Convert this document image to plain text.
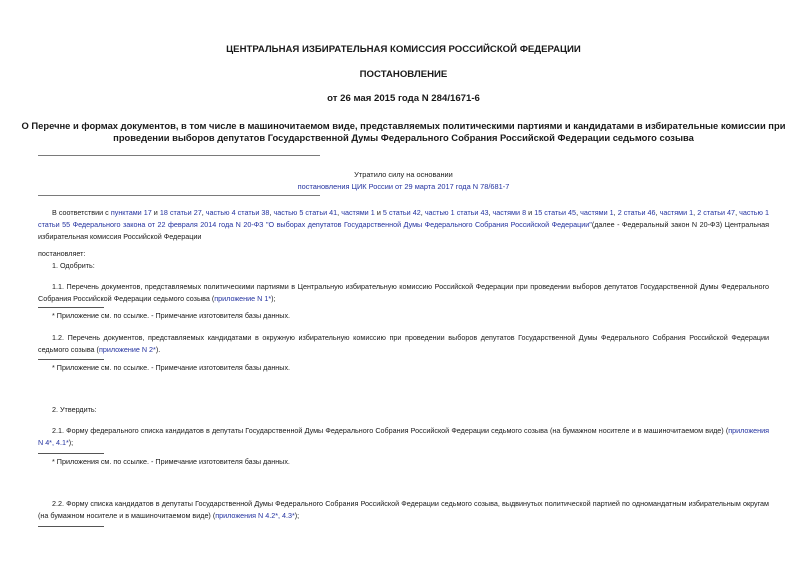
ЦЕНТРАЛЬНАЯ ИЗБИРАТЕЛЬНАЯ КОМИССИЯ РОССИЙСКОЙ ФЕДЕРАЦИИ
ПОСТАНОВЛЕНИЕ
от 26 мая 2015 года N 284/1671-6
О Перечне и формах документов, в том числе в машиночитаемом виде, представляемых политическими партиями и кандидатами в избирательные комиссии при
проведении выборов депутатов Государственной Думы Федерального Собрания Российской Федерации седьмого созыва
Утратило силу на основании
постановления ЦИК России от 29 марта 2017 года N 78/681-7
В соответствии с пунктами 17 и 18 статьи 27, частью 4 статьи 38, частью 5 статьи 41, частями 1 и 5 статьи 42, частью 1 статьи 43, частями 8 и 15 статьи 45, частями 1, 2 статьи 46, частями 1, 2 статьи 47, частью 1 статьи 55 Федерального закона от 22 февраля 2014 года N 20-ФЗ "О выборах депутатов Государственной Думы Федерального Собрания Российской Федерации"(далее - Федеральный закон N 20-ФЗ) Центральная избирательная комиссия Российской Федерации
постановляет:
1. Одобрить:
1.1. Перечень документов, представляемых политическими партиями в Центральную избирательную комиссию Российской Федерации при проведении выборов депутатов Государственной Думы Федерального Собрания Российской Федерации седьмого созыва (приложение N 1*);
* Приложение см. по ссылке. - Примечание изготовителя базы данных.
1.2. Перечень документов, представляемых кандидатами в окружную избирательную комиссию при проведении выборов депутатов Государственной Думы Федерального Собрания Российской Федерации седьмого созыва (приложение N 2*).
* Приложение см. по ссылке. - Примечание изготовителя базы данных.
2. Утвердить:
2.1. Форму федерального списка кандидатов в депутаты Государственной Думы Федерального Собрания Российской Федерации седьмого созыва (на бумажном носителе и в машиночитаемом виде) (приложения N 4*, 4.1*);
* Приложения см. по ссылке. - Примечание изготовителя базы данных.
2.2. Форму списка кандидатов в депутаты Государственной Думы Федерального Собрания Российской Федерации седьмого созыва, выдвинутых политической партией по одномандатным избирательным округам (на бумажном носителе и в машиночитаемом виде) (приложения N 4.2*, 4.3*);
